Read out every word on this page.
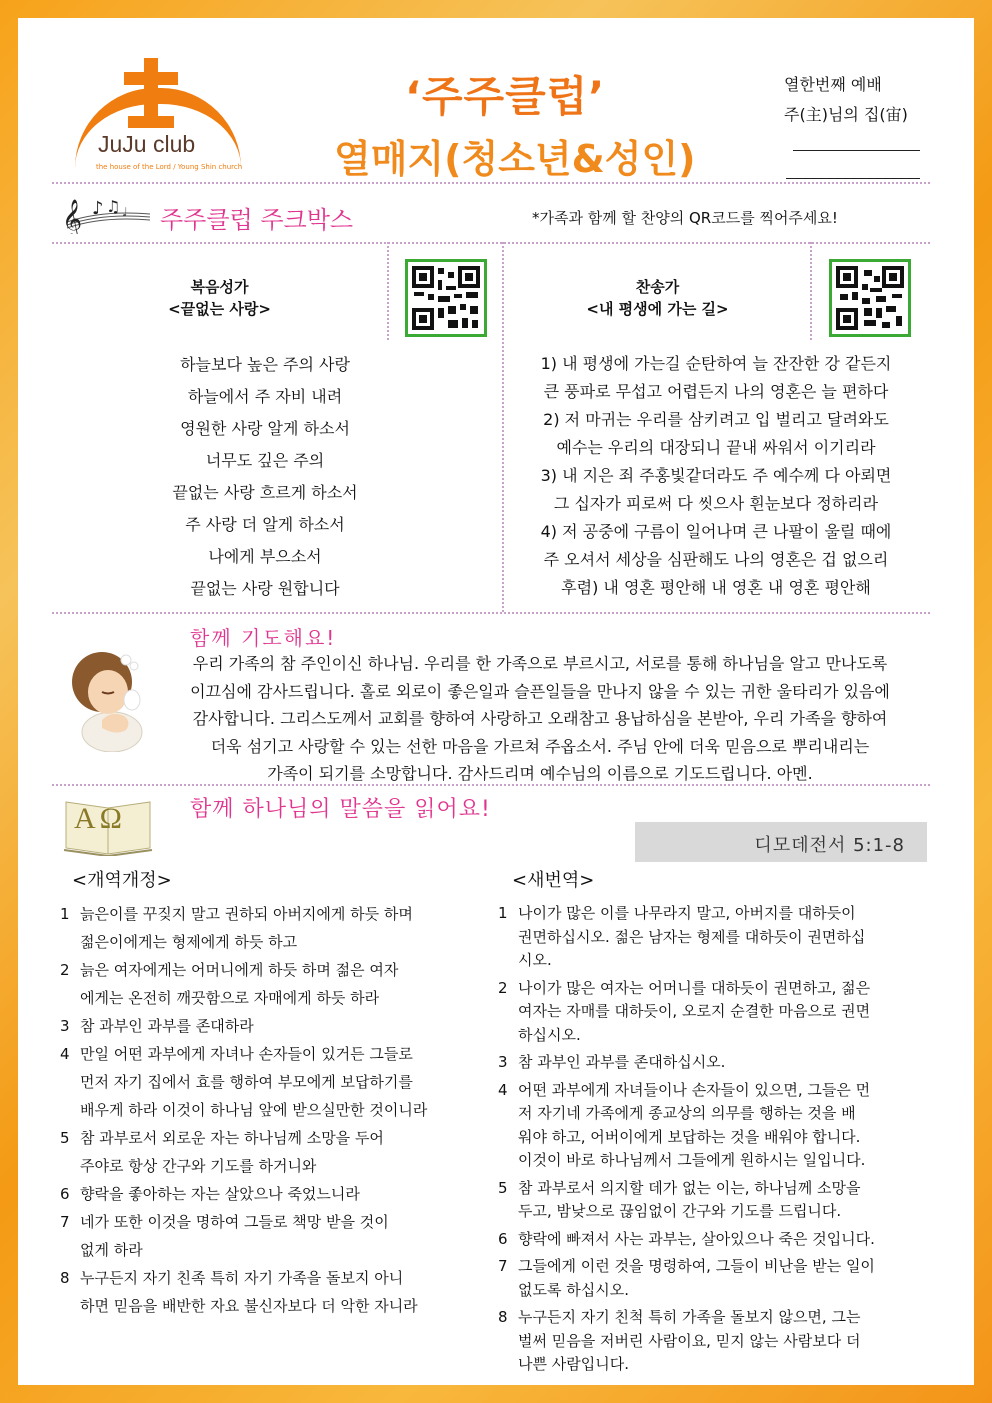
JuJu club
the house of the Lord / Young Shin church
‘주주클럽’
열매지(청소년&성인)
열한번째 예배
주(主)님의 집(宙)
𝄞 ♪ ♫ ♩ 주주클럽 주크박스	*가족과 함께 할 찬양의 QR코드를 찍어주세요!
복음성가
<끝없는 사랑>
하늘보다 높은 주의 사랑
하늘에서 주 자비 내려
영원한 사랑 알게 하소서
너무도 깊은 주의
끝없는 사랑 흐르게 하소서
주 사랑 더 알게 하소서
나에게 부으소서
끝없는 사랑 원합니다
찬송가
<내 평생에 가는 길>
1) 내 평생에 가는길 순탄하여 늘 잔잔한 강 같든지
큰 풍파로 무섭고 어렵든지 나의 영혼은 늘 편하다
2) 저 마귀는 우리를 삼키려고 입 벌리고 달려와도
예수는 우리의 대장되니 끝내 싸워서 이기리라
3) 내 지은 죄 주홍빛같더라도 주 예수께 다 아뢰면
그 십자가 피로써 다 씻으사 흰눈보다 정하리라
4) 저 공중에 구름이 일어나며 큰 나팔이 울릴 때에
주 오셔서 세상을 심판해도 나의 영혼은 겁 없으리
후렴) 내 영혼 평안해 내 영혼 내 영혼 평안해
함께 기도해요!
우리 가족의 참 주인이신 하나님. 우리를 한 가족으로 부르시고, 서로를 통해 하나님을 알고 만나도록
이끄심에 감사드립니다. 홀로 외로이 좋은일과 슬픈일들을 만나지 않을 수 있는 귀한 울타리가 있음에
감사합니다. 그리스도께서 교회를 향하여 사랑하고 오래참고 용납하심을 본받아, 우리 가족을 향하여
더욱 섬기고 사랑할 수 있는 선한 마음을 가르쳐 주옵소서. 주님 안에 더욱 믿음으로 뿌리내리는
가족이 되기를 소망합니다. 감사드리며 예수님의 이름으로 기도드립니다. 아멘.
AΩ	함께 하나님의 말씀을 읽어요!
디모데전서 5:1-8
<개역개정>	<새번역>
1 늙은이를 꾸짖지 말고 권하되 아버지에게 하듯 하며
젊은이에게는 형제에게 하듯 하고
2 늙은 여자에게는 어머니에게 하듯 하며 젊은 여자
에게는 온전히 깨끗함으로 자매에게 하듯 하라
3 참 과부인 과부를 존대하라
4 만일 어떤 과부에게 자녀나 손자들이 있거든 그들로
먼저 자기 집에서 효를 행하여 부모에게 보답하기를
배우게 하라 이것이 하나님 앞에 받으실만한 것이니라
5 참 과부로서 외로운 자는 하나님께 소망을 두어
주야로 항상 간구와 기도를 하거니와
6 향락을 좋아하는 자는 살았으나 죽었느니라
7 네가 또한 이것을 명하여 그들로 책망 받을 것이
없게 하라
8 누구든지 자기 친족 특히 자기 가족을 돌보지 아니
하면 믿음을 배반한 자요 불신자보다 더 악한 자니라
1 나이가 많은 이를 나무라지 말고, 아버지를 대하듯이
권면하십시오. 젊은 남자는 형제를 대하듯이 권면하십
시오.
2 나이가 많은 여자는 어머니를 대하듯이 권면하고, 젊은
여자는 자매를 대하듯이, 오로지 순결한 마음으로 권면
하십시오.
3 참 과부인 과부를 존대하십시오.
4 어떤 과부에게 자녀들이나 손자들이 있으면, 그들은 먼
저 자기네 가족에게 종교상의 의무를 행하는 것을 배
워야 하고, 어버이에게 보답하는 것을 배워야 합니다.
이것이 바로 하나님께서 그들에게 원하시는 일입니다.
5 참 과부로서 의지할 데가 없는 이는, 하나님께 소망을
두고, 밤낮으로 끊임없이 간구와 기도를 드립니다.
6 향락에 빠져서 사는 과부는, 살아있으나 죽은 것입니다.
7 그들에게 이런 것을 명령하여, 그들이 비난을 받는 일이
없도록 하십시오.
8 누구든지 자기 친척 특히 가족을 돌보지 않으면, 그는
벌써 믿음을 저버린 사람이요, 믿지 않는 사람보다 더
나쁜 사람입니다.
